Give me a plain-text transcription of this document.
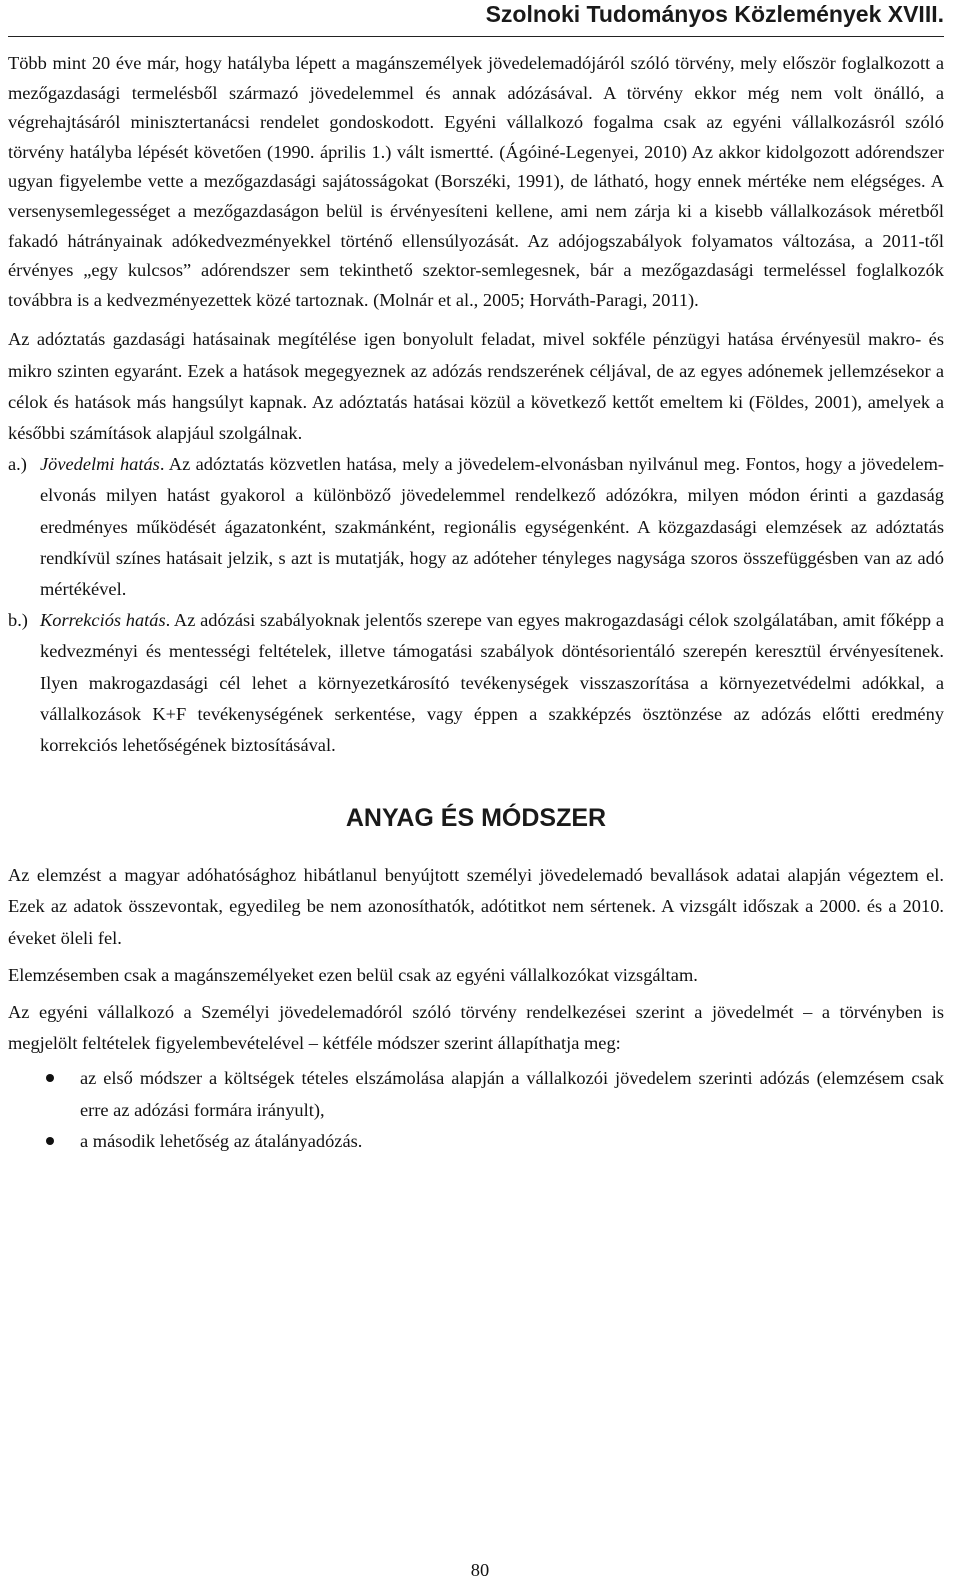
Szolnoki Tudományos Közlemények XVIII.

Több mint 20 éve már, hogy hatályba lépett a magánszemélyek jövedelemadójáról szóló törvény, mely először foglalkozott a mezőgazdasági termelésből származó jövedelemmel és annak adózásával. A törvény ekkor még nem volt önálló, a végrehajtásáról minisztertanácsi rendelet gondoskodott. Egyéni vállalkozó fogalma csak az egyéni vállalkozásról szóló törvény hatályba lépését követően (1990. április 1.) vált ismertté. (Ágóiné-Legenyei, 2010) Az akkor kidolgozott adórendszer ugyan figyelembe vette a mezőgazdasági sajátosságokat (Borszéki, 1991), de látható, hogy ennek mértéke nem elégséges. A versenysemlegességet a mezőgazdaságon belül is érvényesíteni kellene, ami nem zárja ki a kisebb vállalkozások méretből fakadó hátrányainak adókedvezményekkel történő ellensúlyozását. Az adójogszabályok folyamatos változása, a 2011-től érvényes „egy kulcsos” adórendszer sem tekinthető szektor-semlegesnek, bár a mezőgazdasági termeléssel foglalkozók továbbra is a kedvezményezettek közé tartoznak. (Molnár et al., 2005; Horváth-Paragi, 2011).

Az adóztatás gazdasági hatásainak megítélése igen bonyolult feladat, mivel sokféle pénzügyi hatása érvényesül makro- és mikro szinten egyaránt. Ezek a hatások megegyeznek az adózás rendszerének céljával, de az egyes adónemek jellemzésekor a célok és hatások más hangsúlyt kapnak. Az adóztatás hatásai közül a következő kettőt emeltem ki (Földes, 2001), amelyek a későbbi számítások alapjául szolgálnak.

a.) Jövedelmi hatás. Az adóztatás közvetlen hatása, mely a jövedelem-elvonásban nyilvánul meg. Fontos, hogy a jövedelem-elvonás milyen hatást gyakorol a különböző jövedelemmel rendelkező adózókra, milyen módon érinti a gazdaság eredményes működését ágazatonként, szakmánként, regionális egységenként. A közgazdasági elemzések az adóztatás rendkívül színes hatásait jelzik, s azt is mutatják, hogy az adóteher tényleges nagysága szoros összefüggésben van az adó mértékével.
b.) Korrekciós hatás. Az adózási szabályoknak jelentős szerepe van egyes makrogazdasági célok szolgálatában, amit főképp a kedvezményi és mentességi feltételek, illetve támogatási szabályok döntésorientáló szerepén keresztül érvényesítenek. Ilyen makrogazdasági cél lehet a környezetkárosító tevékenységek visszaszorítása a környezetvédelmi adókkal, a vállalkozások K+F tevékenységének serkentése, vagy éppen a szakképzés ösztönzése az adózás előtti eredmény korrekciós lehetőségének biztosításával.
ANYAG ÉS MÓDSZER

Az elemzést a magyar adóhatósághoz hibátlanul benyújtott személyi jövedelemadó bevallások adatai alapján végeztem el. Ezek az adatok összevontak, egyedileg be nem azonosíthatók, adótitkot nem sértenek. A vizsgált időszak a 2000. és a 2010. éveket öleli fel.

Elemzésemben csak a magánszemélyeket ezen belül csak az egyéni vállalkozókat vizsgáltam.

Az egyéni vállalkozó a Személyi jövedelemadóról szóló törvény rendelkezései szerint a jövedelmét – a törvényben is megjelölt feltételek figyelembevételével – kétféle módszer szerint állapíthatja meg:

az első módszer a költségek tételes elszámolása alapján a vállalkozói jövedelem szerinti adózás (elemzésem csak erre az adózási formára irányult),
a második lehetőség az átalányadózás.
80
